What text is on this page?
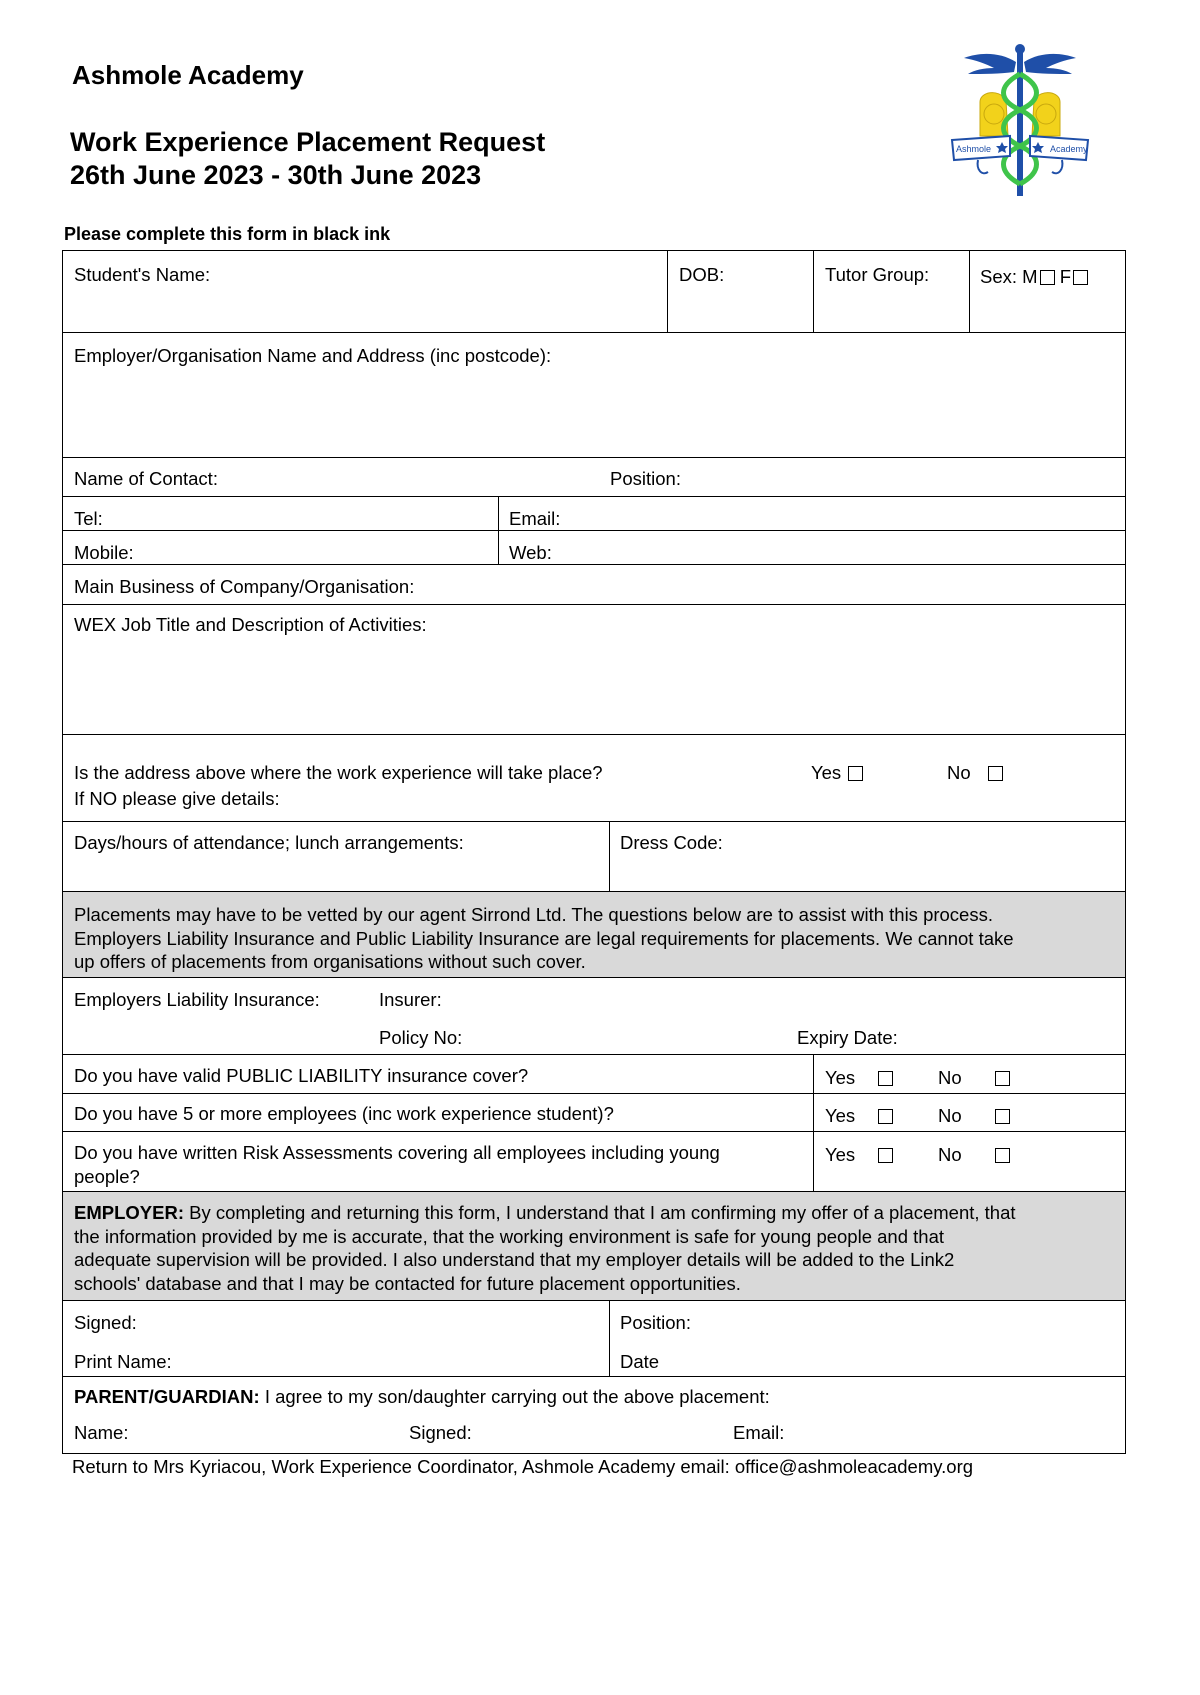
Ashmole Academy
Work Experience Placement Request
26th June 2023 - 30th June 2023
Ashmole	Academy
Please complete this form in black ink
Student's Name:	DOB:	Tutor Group:	Sex: M F
Employer/Organisation Name and Address (inc postcode):
Name of Contact:	Position:
Tel:	Email:
Mobile:	Web:
Main Business of Company/Organisation:
WEX Job Title and Description of Activities:
Is the address above where the work experience will take place?	Yes	No
If NO please give details:
Days/hours of attendance; lunch arrangements:	Dress Code:
Placements may have to be vetted by our agent Sirrond Ltd. The questions below are to assist with this process.
Employers Liability Insurance and Public Liability Insurance are legal requirements for placements. We cannot take
up offers of placements from organisations without such cover.
Employers Liability Insurance:	Insurer:
Policy No:	Expiry Date:
Do you have valid PUBLIC LIABILITY insurance cover?	Yes	No
Do you have 5 or more employees (inc work experience student)?	Yes	No
Do you have written Risk Assessments covering all employees including young
people?
Yes	No
EMPLOYER: By completing and returning this form, I understand that I am confirming my offer of a placement, that
the information provided by me is accurate, that the working environment is safe for young people and that
adequate supervision will be provided. I also understand that my employer details will be added to the Link2
schools' database and that I may be contacted for future placement opportunities.
Signed:	Position:
Print Name:	Date
PARENT/GUARDIAN: I agree to my son/daughter carrying out the above placement:
Name:	Signed:	Email:
Return to Mrs Kyriacou, Work Experience Coordinator, Ashmole Academy email: office@ashmoleacademy.org
